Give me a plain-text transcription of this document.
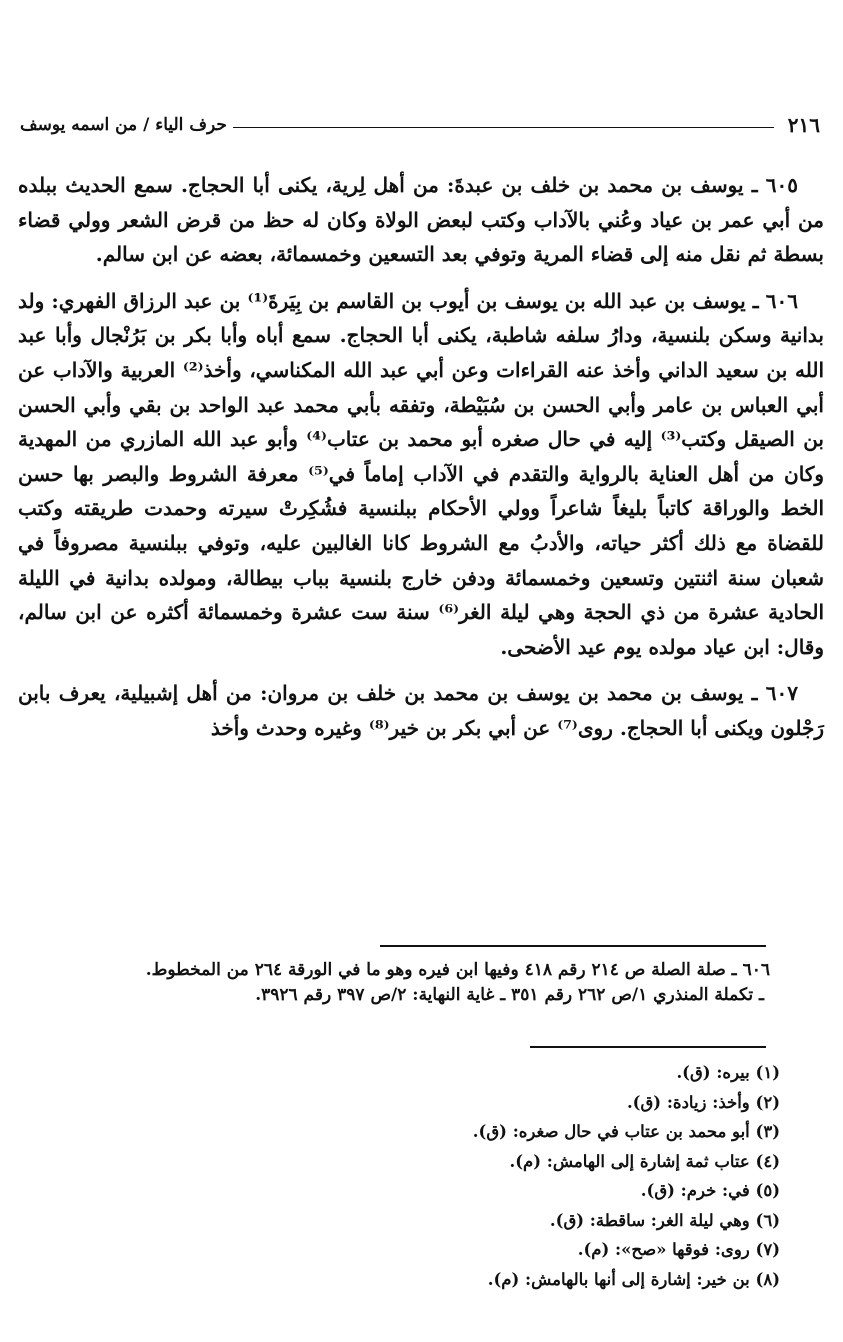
٢١٦
حرف الياء / من اسمه يوسف

٦٠٥ ـ يوسف بن محمد بن خلف بن عبدةَ: من أهل لِرية، يكنى أبا الحجاج. سمع الحديث ببلده من أبي عمر بن عياد وعُني بالآداب وكتب لبعض الولاة وكان له حظ من قرض الشعر وولي قضاء بسطة ثم نقل منه إلى قضاء المرية وتوفي بعد التسعين وخمسمائة، بعضه عن ابن سالم.

٦٠٦ ـ يوسف بن عبد الله بن يوسف بن أيوب بن القاسم بن بِيَرةَ⁽¹⁾ بن عبد الرزاق الفهري: ولد بدانية وسكن بلنسية، ودارُ سلفه شاطبة، يكنى أبا الحجاج. سمع أباه وأبا بكر بن بَرُنْجال وأبا عبد الله بن سعيد الداني وأخذ عنه القراءات وعن أبي عبد الله المكناسي، وأخذ⁽²⁾ العربية والآداب عن أبي العباس بن عامر وأبي الحسن بن سُبَيْطة، وتفقه بأبي محمد عبد الواحد بن بقي وأبي الحسن بن الصيقل وكتب⁽³⁾ إليه في حال صغره أبو محمد بن عتاب⁽⁴⁾ وأبو عبد الله المازري من المهدية وكان من أهل العناية بالرواية والتقدم في الآداب إماماً في⁽⁵⁾ معرفة الشروط والبصر بها حسن الخط والوراقة كاتباً بليغاً شاعراً وولي الأحكام ببلنسية فشُكِرتْ سيرته وحمدت طريقته وكتب للقضاة مع ذلك أكثر حياته، والأدبُ مع الشروط كانا الغالبين عليه، وتوفي ببلنسية مصروفاً في شعبان سنة اثنتين وتسعين وخمسمائة ودفن خارج بلنسية بباب بيطالة، ومولده بدانية في الليلة الحادية عشرة من ذي الحجة وهي ليلة الغر⁽⁶⁾ سنة ست عشرة وخمسمائة أكثره عن ابن سالم، وقال: ابن عياد مولده يوم عيد الأضحى.

٦٠٧ ـ يوسف بن محمد بن يوسف بن محمد بن خلف بن مروان: من أهل إشبيلية، يعرف بابن رَجْلون ويكنى أبا الحجاج. روى⁽⁷⁾ عن أبي بكر بن خير⁽⁸⁾ وغيره وحدث وأخذ

٦٠٦ ـ صلة الصلة ص ٢١٤ رقم ٤١٨ وفيها ابن فيره وهو ما في الورقة ٢٦٤ من المخطوط.
ـ تكملة المنذري ١/ص ٢٦٢ رقم ٣٥١ ـ غاية النهاية: ٢/ص ٣٩٧ رقم ٣٩٢٦.
(١) بيره: (ق).
(٢) وأخذ: زيادة: (ق).
(٣) أبو محمد بن عتاب في حال صغره: (ق).
(٤) عتاب ثمة إشارة إلى الهامش: (م).
(٥) في: خرم: (ق).
(٦) وهي ليلة الغر: ساقطة: (ق).
(٧) روى: فوقها «صح»: (م).
(٨) بن خير: إشارة إلى أنها بالهامش: (م).
